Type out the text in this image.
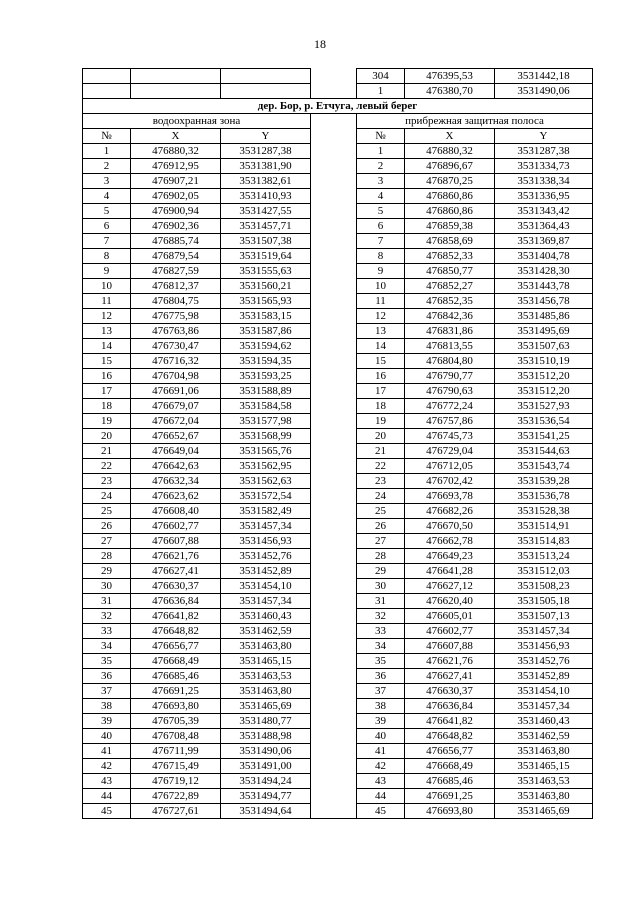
18
				304	476395,53	3531442,18
				1	476380,70	3531490,06
дер. Бор, р. Етчуга, левый берег						
водоохранная зона				прибрежная защитная полоса		
№	X	Y		№	X	Y
1	476880,32	3531287,38		1	476880,32	3531287,38
2	476912,95	3531381,90		2	476896,67	3531334,73
3	476907,21	3531382,61		3	476870,25	3531338,34
4	476902,05	3531410,93		4	476860,86	3531336,95
5	476900,94	3531427,55		5	476860,86	3531343,42
6	476902,36	3531457,71		6	476859,38	3531364,43
7	476885,74	3531507,38		7	476858,69	3531369,87
8	476879,54	3531519,64		8	476852,33	3531404,78
9	476827,59	3531555,63		9	476850,77	3531428,30
10	476812,37	3531560,21		10	476852,27	3531443,78
11	476804,75	3531565,93		11	476852,35	3531456,78
12	476775,98	3531583,15		12	476842,36	3531485,86
13	476763,86	3531587,86		13	476831,86	3531495,69
14	476730,47	3531594,62		14	476813,55	3531507,63
15	476716,32	3531594,35		15	476804,80	3531510,19
16	476704,98	3531593,25		16	476790,77	3531512,20
17	476691,06	3531588,89		17	476790,63	3531512,20
18	476679,07	3531584,58		18	476772,24	3531527,93
19	476672,04	3531577,98		19	476757,86	3531536,54
20	476652,67	3531568,99		20	476745,73	3531541,25
21	476649,04	3531565,76		21	476729,04	3531544,63
22	476642,63	3531562,95		22	476712,05	3531543,74
23	476632,34	3531562,63		23	476702,42	3531539,28
24	476623,62	3531572,54		24	476693,78	3531536,78
25	476608,40	3531582,49		25	476682,26	3531528,38
26	476602,77	3531457,34		26	476670,50	3531514,91
27	476607,88	3531456,93		27	476662,78	3531514,83
28	476621,76	3531452,76		28	476649,23	3531513,24
29	476627,41	3531452,89		29	476641,28	3531512,03
30	476630,37	3531454,10		30	476627,12	3531508,23
31	476636,84	3531457,34		31	476620,40	3531505,18
32	476641,82	3531460,43		32	476605,01	3531507,13
33	476648,82	3531462,59		33	476602,77	3531457,34
34	476656,77	3531463,80		34	476607,88	3531456,93
35	476668,49	3531465,15		35	476621,76	3531452,76
36	476685,46	3531463,53		36	476627,41	3531452,89
37	476691,25	3531463,80		37	476630,37	3531454,10
38	476693,80	3531465,69		38	476636,84	3531457,34
39	476705,39	3531480,77		39	476641,82	3531460,43
40	476708,48	3531488,98		40	476648,82	3531462,59
41	476711,99	3531490,06		41	476656,77	3531463,80
42	476715,49	3531491,00		42	476668,49	3531465,15
43	476719,12	3531494,24		43	476685,46	3531463,53
44	476722,89	3531494,77		44	476691,25	3531463,80
45	476727,61	3531494,64		45	476693,80	3531465,69
